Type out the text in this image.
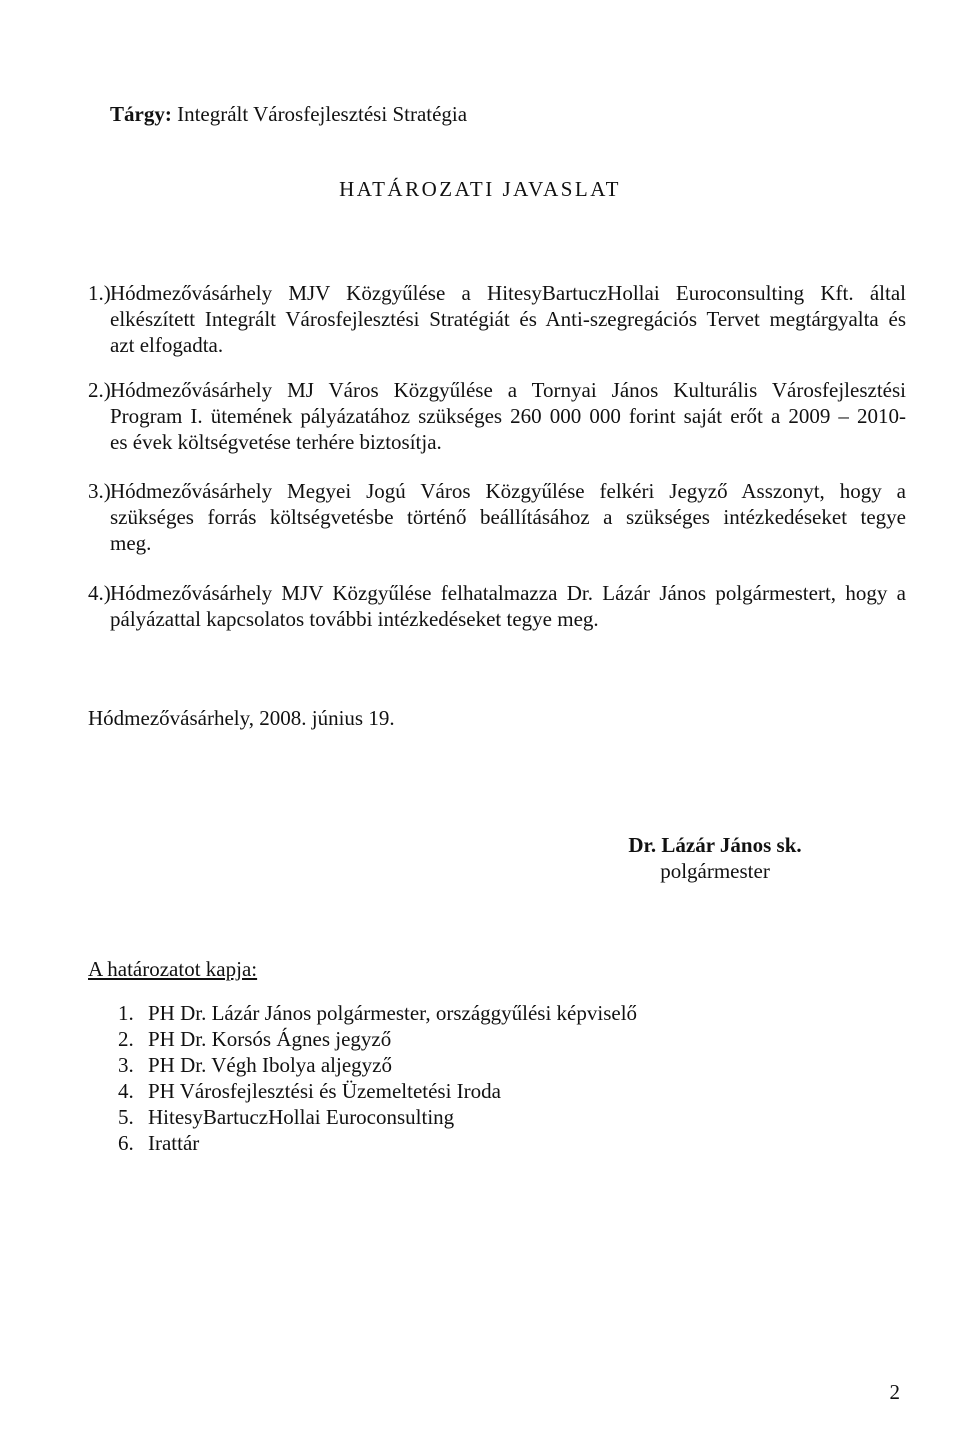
Tárgy: Integrált Városfejlesztési Stratégia
HATÁROZATI JAVASLAT
1.) Hódmezővásárhely MJV Közgyűlése a HitesyBartuczHollai Euroconsulting Kft. által
elkészített Integrált Városfejlesztési Stratégiát és Anti-szegregációs Tervet megtárgyalta és
azt elfogadta.
2.) Hódmezővásárhely MJ Város Közgyűlése a Tornyai János Kulturális Városfejlesztési
Program I. ütemének pályázatához szükséges 260 000 000 forint saját erőt a 2009 – 2010-
es évek költségvetése terhére biztosítja.
3.) Hódmezővásárhely Megyei Jogú Város Közgyűlése felkéri Jegyző Asszonyt, hogy a
szükséges forrás költségvetésbe történő beállításához a szükséges intézkedéseket tegye
meg.
4.) Hódmezővásárhely MJV Közgyűlése felhatalmazza Dr. Lázár János polgármestert, hogy a
pályázattal kapcsolatos további intézkedéseket tegye meg.
Hódmezővásárhely, 2008. június 19.
Dr. Lázár János sk.
polgármester
A határozatot kapja:
1. PH Dr. Lázár János polgármester, országgyűlési képviselő
2. PH Dr. Korsós Ágnes jegyző
3. PH Dr. Végh Ibolya aljegyző
4. PH Városfejlesztési és Üzemeltetési Iroda
5. HitesyBartuczHollai Euroconsulting
6. Irattár
2
